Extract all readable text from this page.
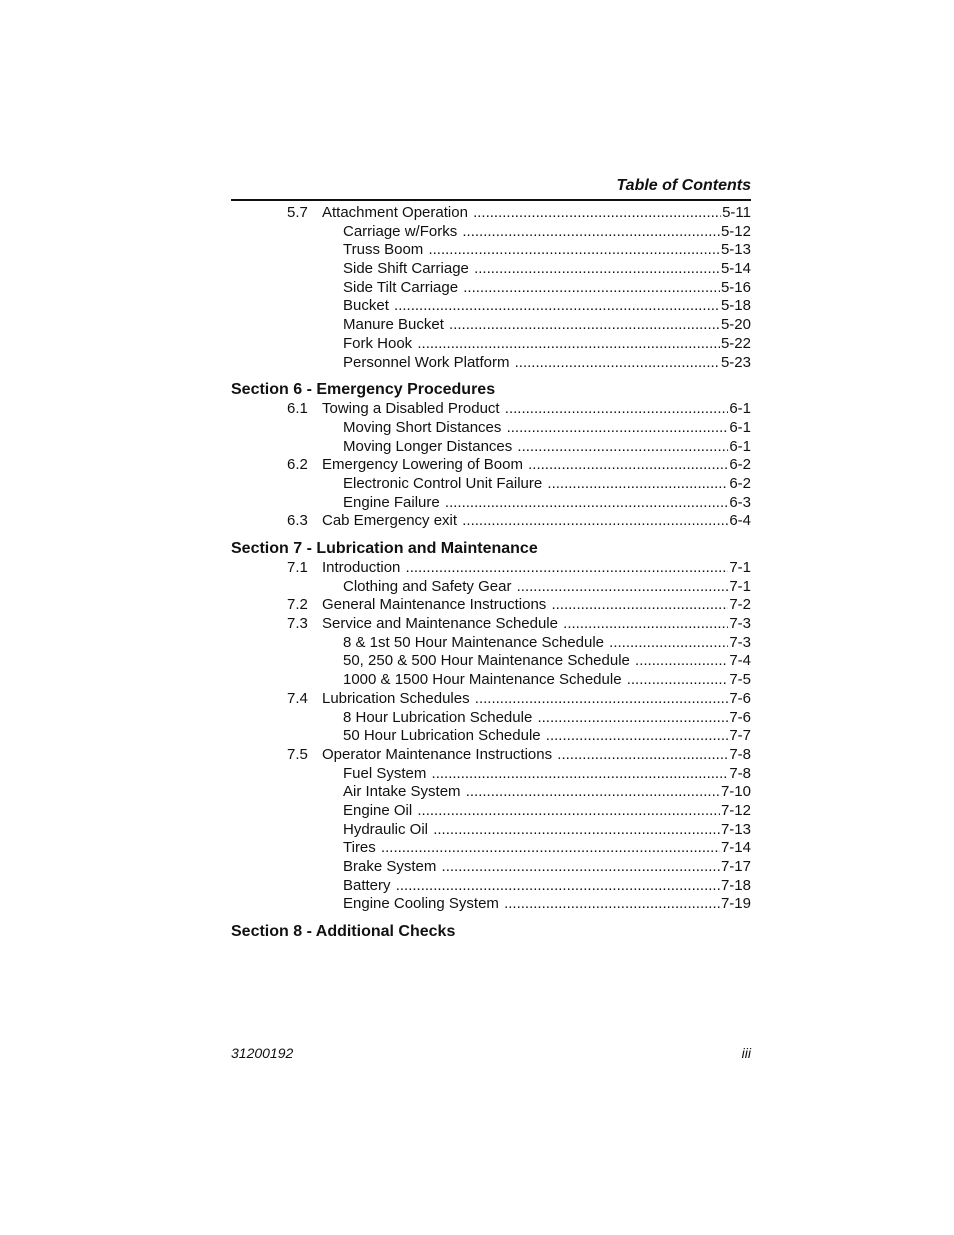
Table of Contents
5.7 Attachment Operation .....	5-11
Carriage w/Forks .....	5-12
Truss Boom .....	5-13
Side Shift Carriage .....	5-14
Side Tilt Carriage .....	5-16
Bucket .....	5-18
Manure Bucket .....	5-20
Fork Hook .....	5-22
Personnel Work Platform .....	5-23
Section 6 - Emergency Procedures
6.1 Towing a Disabled Product .....	6-1
Moving Short Distances .....	6-1
Moving Longer Distances .....	6-1
6.2 Emergency Lowering of Boom .....	6-2
Electronic Control Unit Failure .....	6-2
Engine Failure .....	6-3
6.3 Cab Emergency exit .....	6-4
Section 7 - Lubrication and Maintenance
7.1 Introduction .....	7-1
Clothing and Safety Gear .....	7-1
7.2 General Maintenance Instructions .....	7-2
7.3 Service and Maintenance Schedule .....	7-3
8 & 1st 50 Hour Maintenance Schedule .....	7-3
50, 250 & 500 Hour Maintenance Schedule .....	7-4
1000 & 1500 Hour Maintenance Schedule .....	7-5
7.4 Lubrication Schedules .....	7-6
8 Hour Lubrication Schedule .....	7-6
50 Hour Lubrication Schedule .....	7-7
7.5 Operator Maintenance Instructions .....	7-8
Fuel System .....	7-8
Air Intake System .....	7-10
Engine Oil .....	7-12
Hydraulic Oil .....	7-13
Tires .....	7-14
Brake System .....	7-17
Battery .....	7-18
Engine Cooling System .....	7-19
Section 8 - Additional Checks
31200192	iii
